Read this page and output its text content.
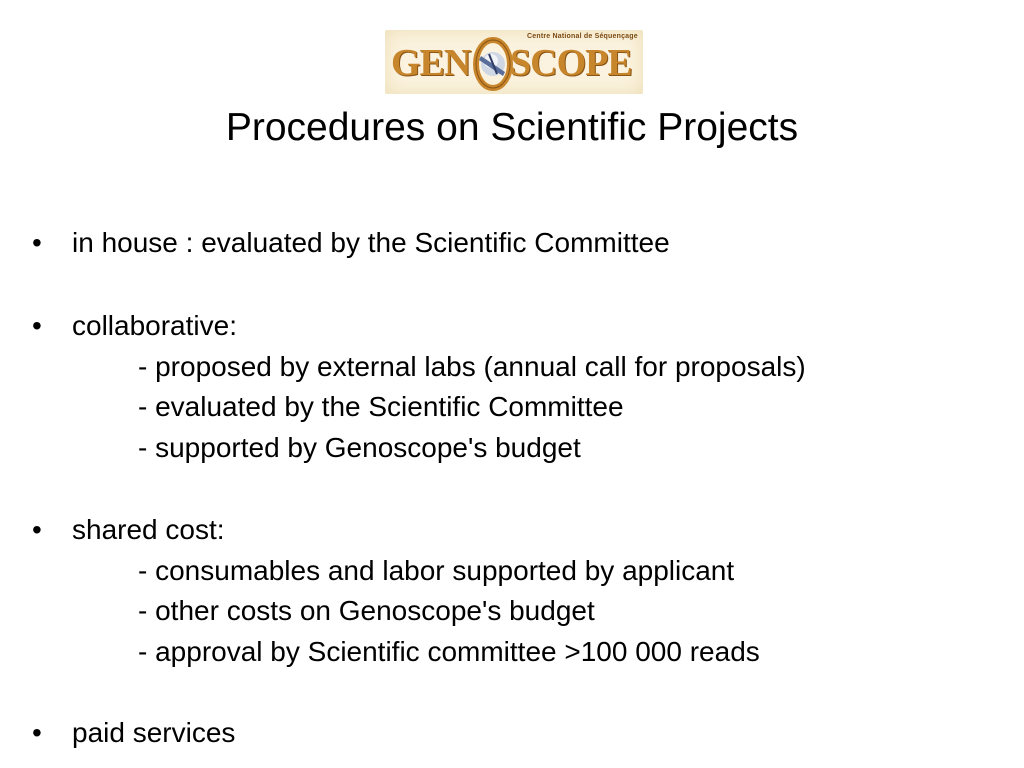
Centre National de Séquençage
GEN SCOPE
Procedures on Scientific Projects
• in house : evaluated by the Scientific Committee
• collaborative:
- proposed by external labs (annual call for proposals)
- evaluated by the Scientific Committee
- supported by Genoscope's budget
• shared cost:
- consumables and labor supported by applicant
- other costs on Genoscope's budget
- approval by Scientific committee >100 000 reads
• paid services
